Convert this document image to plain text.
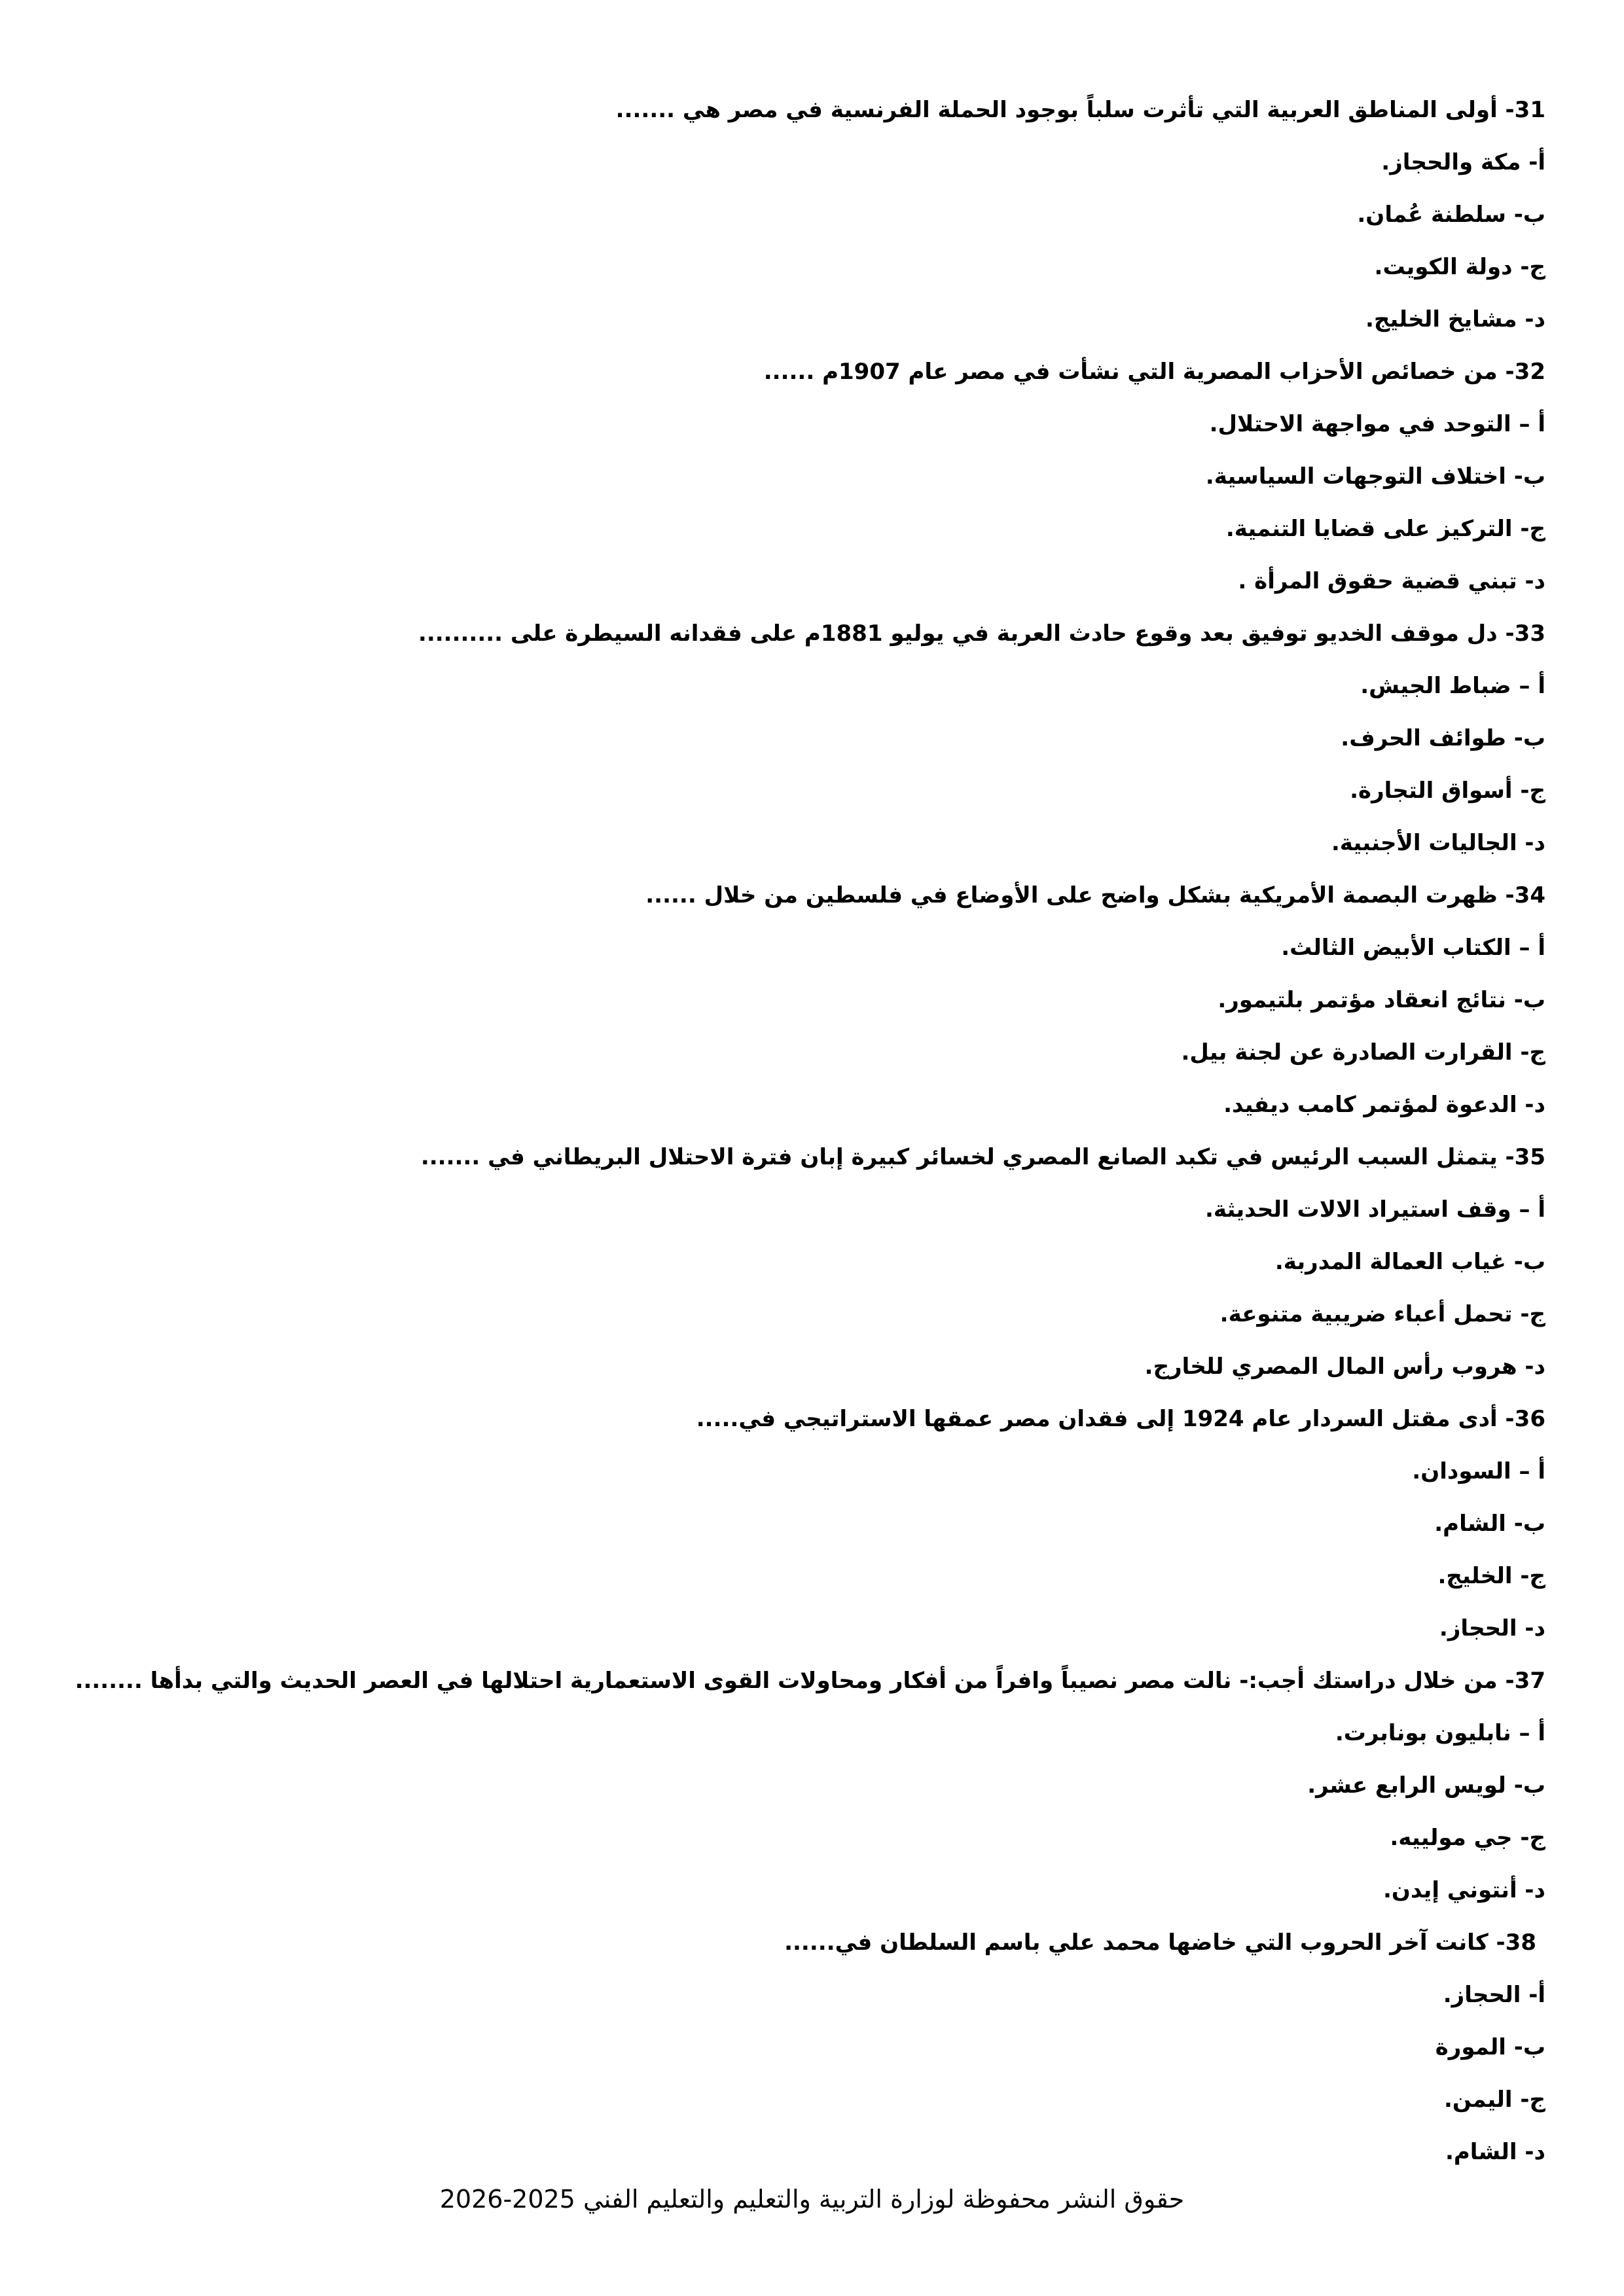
31- أولى المناطق العربية التي تأثرت سلباً بوجود الحملة الفرنسية في مصر هي .......
أ- مكة والحجاز.
ب- سلطنة عُمان.
ج- دولة الكويت.
د- مشايخ الخليج.
32- من خصائص الأحزاب المصرية التي نشأت في مصر عام 1907م ......
أ – التوحد في مواجهة الاحتلال.
ب- اختلاف التوجهات السياسية.
ج- التركيز على قضايا التنمية.
د- تبني قضية حقوق المرأة .
33- دل موقف الخديو توفيق بعد وقوع حادث العربة في يوليو 1881م على فقدانه السيطرة على ..........
أ – ضباط الجيش.
ب- طوائف الحرف.
ج- أسواق التجارة.
د- الجاليات الأجنبية.
34- ظهرت البصمة الأمريكية بشكل واضح على الأوضاع في فلسطين من خلال ......
أ – الكتاب الأبيض الثالث.
ب- نتائج انعقاد مؤتمر بلتيمور.
ج- القرارت الصادرة عن لجنة بيل.
د- الدعوة لمؤتمر كامب ديفيد.
35- يتمثل السبب الرئيس في تكبد الصانع المصري لخسائر كبيرة إبان فترة الاحتلال البريطاني في .......
أ – وقف استيراد الالات الحديثة.
ب- غياب العمالة المدربة.
ج- تحمل أعباء ضريبية متنوعة.
د- هروب رأس المال المصري للخارج.
36- أدى مقتل السردار عام 1924 إلى فقدان مصر عمقها الاستراتيجي في.....
أ – السودان.
ب- الشام.
ج- الخليج.
د- الحجاز.
37- من خلال دراستك أجب:- نالت مصر نصيباً وافراً من أفكار ومحاولات القوى الاستعمارية احتلالها في العصر الحديث والتي بدأها ........
أ – نابليون بونابرت.
ب- لويس الرابع عشر.
ج- جي مولييه.
د- أنتوني إيدن.
38- كانت آخر الحروب التي خاضها محمد علي باسم السلطان في......
أ- الحجاز.
ب- المورة
ج- اليمن.
د- الشام.
حقوق النشر محفوظة لوزارة التربية والتعليم والتعليم الفني 2025-2026
